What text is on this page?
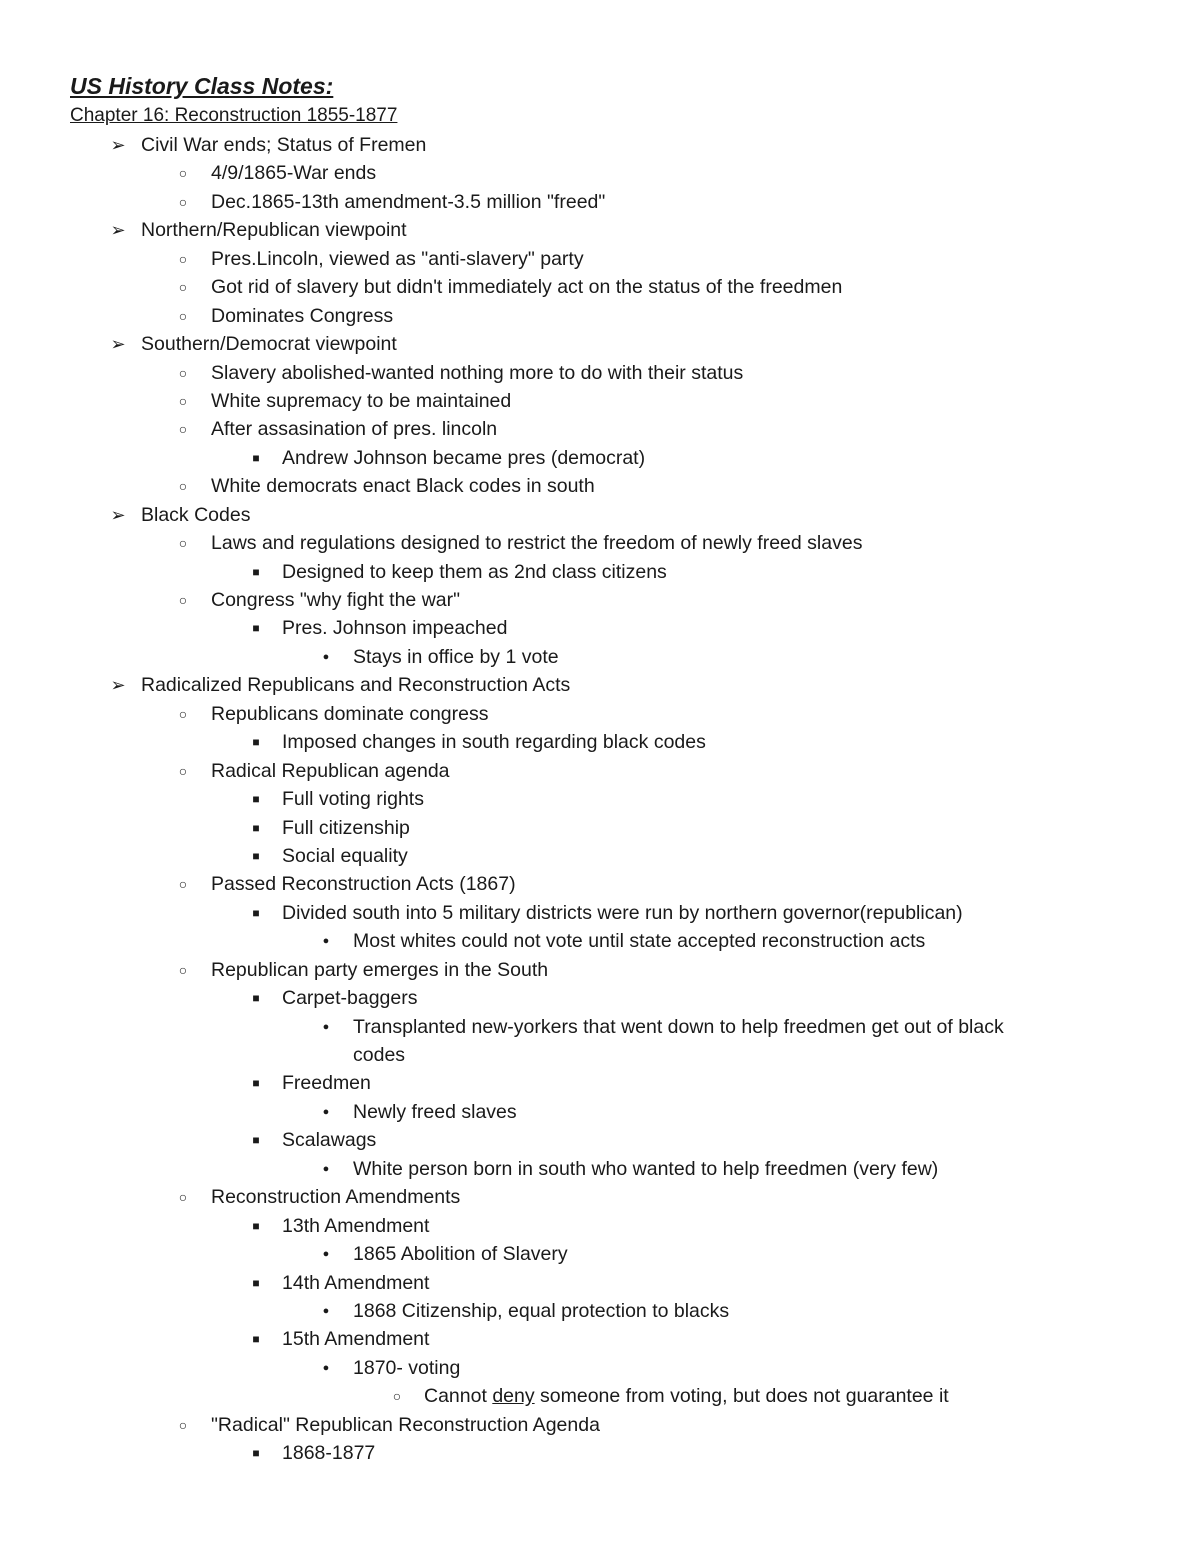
US History Class Notes:
Chapter 16: Reconstruction 1855-1877
➢ Civil War ends; Status of Fremen
○	4/9/1865-War ends
○	Dec.1865-13th amendment-3.5 million "freed"
➢ Northern/Republican viewpoint
○	Pres.Lincoln, viewed as "anti-slavery" party
○	Got rid of slavery but didn't immediately act on the status of the freedmen
○	Dominates Congress
➢ Southern/Democrat viewpoint
○	Slavery abolished-wanted nothing more to do with their status
○	White supremacy to be maintained
○	After assasination of pres. lincoln
■	Andrew Johnson became pres (democrat)
○	White democrats enact Black codes in south
➢ Black Codes
○	Laws and regulations designed to restrict the freedom of newly freed slaves
■	Designed to keep them as 2nd class citizens
○	Congress "why fight the war"
■	Pres. Johnson impeached
●	Stays in office by 1 vote
➢ Radicalized Republicans and Reconstruction Acts
○	Republicans dominate congress
■	Imposed changes in south regarding black codes
○	Radical Republican agenda
■	Full voting rights
■	Full citizenship
■	Social equality
○	Passed Reconstruction Acts (1867)
■	Divided south into 5 military districts were run by northern governor(republican)
●	Most whites could not vote until state accepted reconstruction acts
○	Republican party emerges in the South
■	Carpet-baggers
●	Transplanted new-yorkers that went down to help freedmen get out of black
codes
■	Freedmen
●	Newly freed slaves
■	Scalawags
●	White person born in south who wanted to help freedmen (very few)
○	Reconstruction Amendments
■	13th Amendment
●	1865 Abolition of Slavery
■	14th Amendment
●	1868 Citizenship, equal protection to blacks
■	15th Amendment
●	1870- voting
○	Cannot deny someone from voting, but does not guarantee it
○	"Radical" Republican Reconstruction Agenda
■	1868-1877
